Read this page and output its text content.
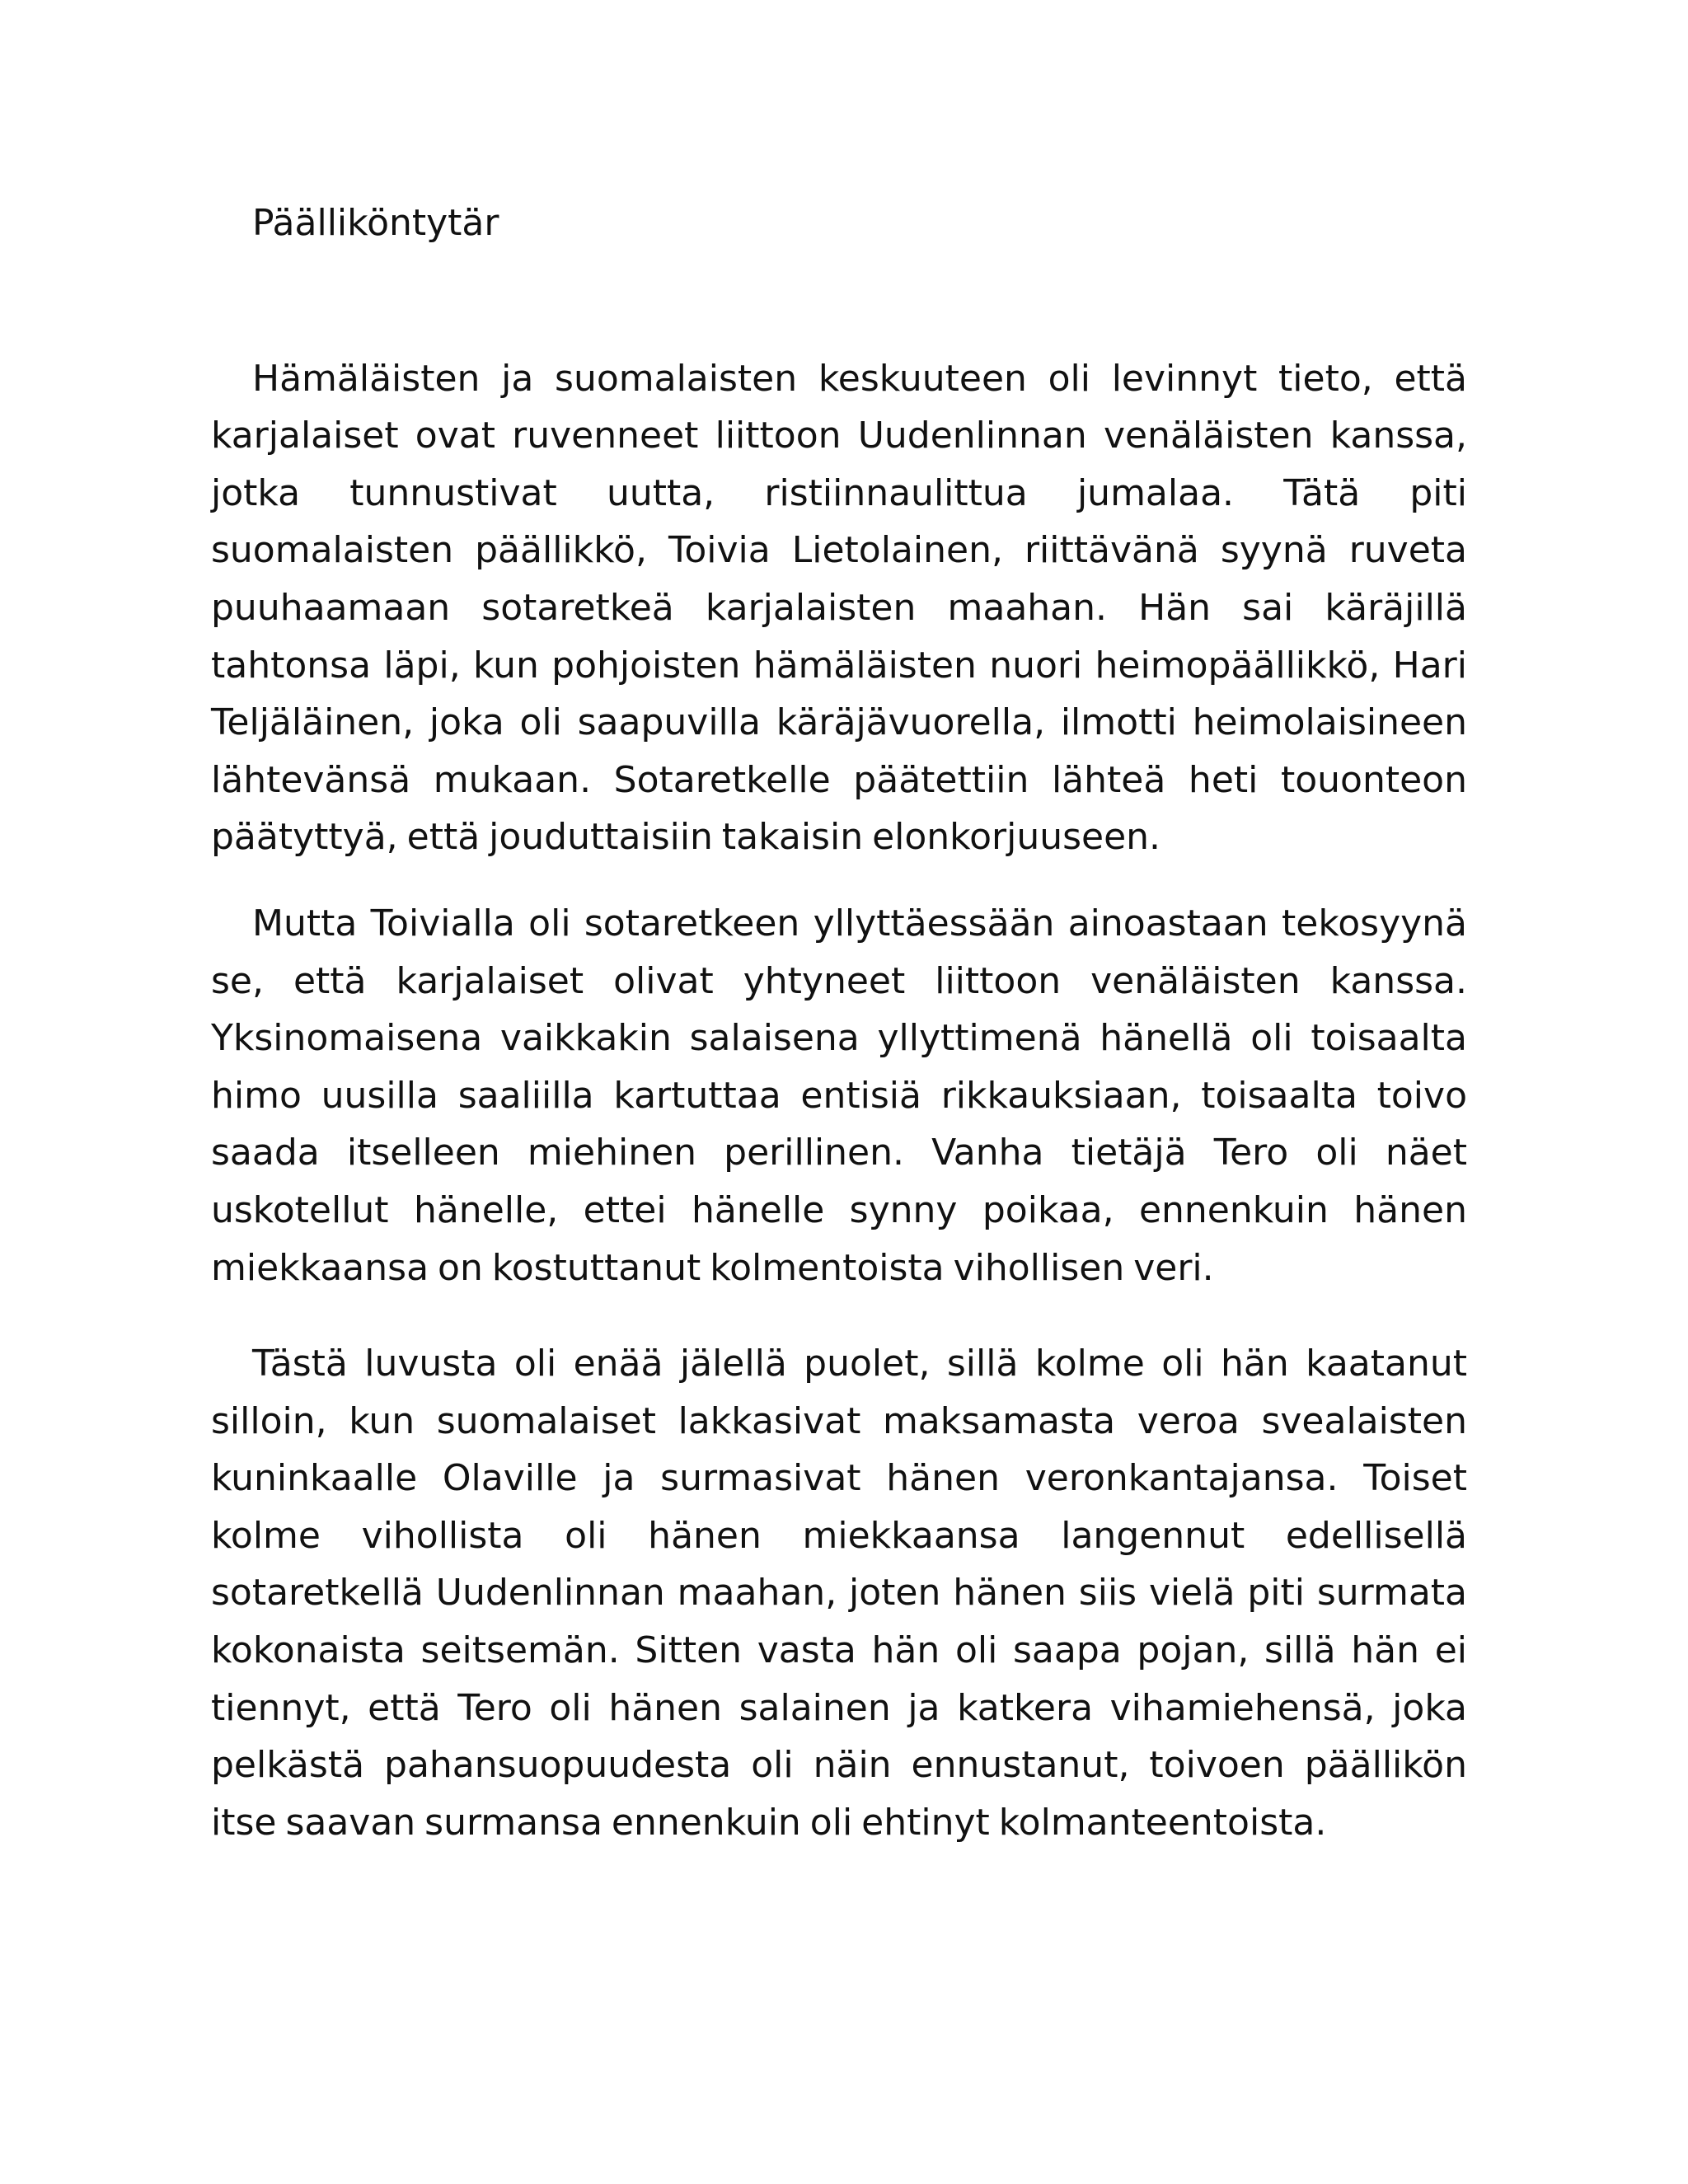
Päälliköntytär

Hämäläisten ja suomalaisten keskuuteen oli levinnyt tieto, että karjalaiset ovat ruvenneet liittoon Uudenlinnan venäläisten kanssa, jotka tunnustivat uutta, ristiinnaulittua jumalaa. Tätä piti suomalaisten päällikkö, Toivia Lietolainen, riittävänä syynä ruveta puuhaamaan sotaretkeä karjalaisten maahan. Hän sai käräjillä tahtonsa läpi, kun pohjoisten hämäläisten nuori heimopäällikkö, Hari Teljäläinen, joka oli saapuvilla käräjävuorella, ilmotti heimolaisineen lähtevänsä mukaan. Sotaretkelle päätettiin lähteä heti touonteon päätyttyä, että jouduttaisiin takaisin elonkorjuuseen.

Mutta Toivialla oli sotaretkeen yllyttäessään ainoastaan tekosyynä se, että karjalaiset olivat yhtyneet liittoon venäläisten kanssa. Yksinomaisena vaikkakin salaisena yllyttimenä hänellä oli toisaalta himo uusilla saaliilla kartuttaa entisiä rikkauksiaan, toisaalta toivo saada itselleen miehinen perillinen. Vanha tietäjä Tero oli näet uskotellut hänelle, ettei hänelle synny poikaa, ennenkuin hänen miekkaansa on kostuttanut kolmentoista vihollisen veri.

Tästä luvusta oli enää jälellä puolet, sillä kolme oli hän kaatanut silloin, kun suomalaiset lakkasivat maksamasta veroa svealaisten kuninkaalle Olaville ja surmasivat hänen veronkantajansa. Toiset kolme vihollista oli hänen miekkaansa langennut edellisellä sotaretkellä Uudenlinnan maahan, joten hänen siis vielä piti surmata kokonaista seitsemän. Sitten vasta hän oli saapa pojan, sillä hän ei tiennyt, että Tero oli hänen salainen ja katkera vihamiehensä, joka pelkästä pahansuopuudesta oli näin ennustanut, toivoen päällikön itse saavan surmansa ennenkuin oli ehtinyt kolmanteentoista.
